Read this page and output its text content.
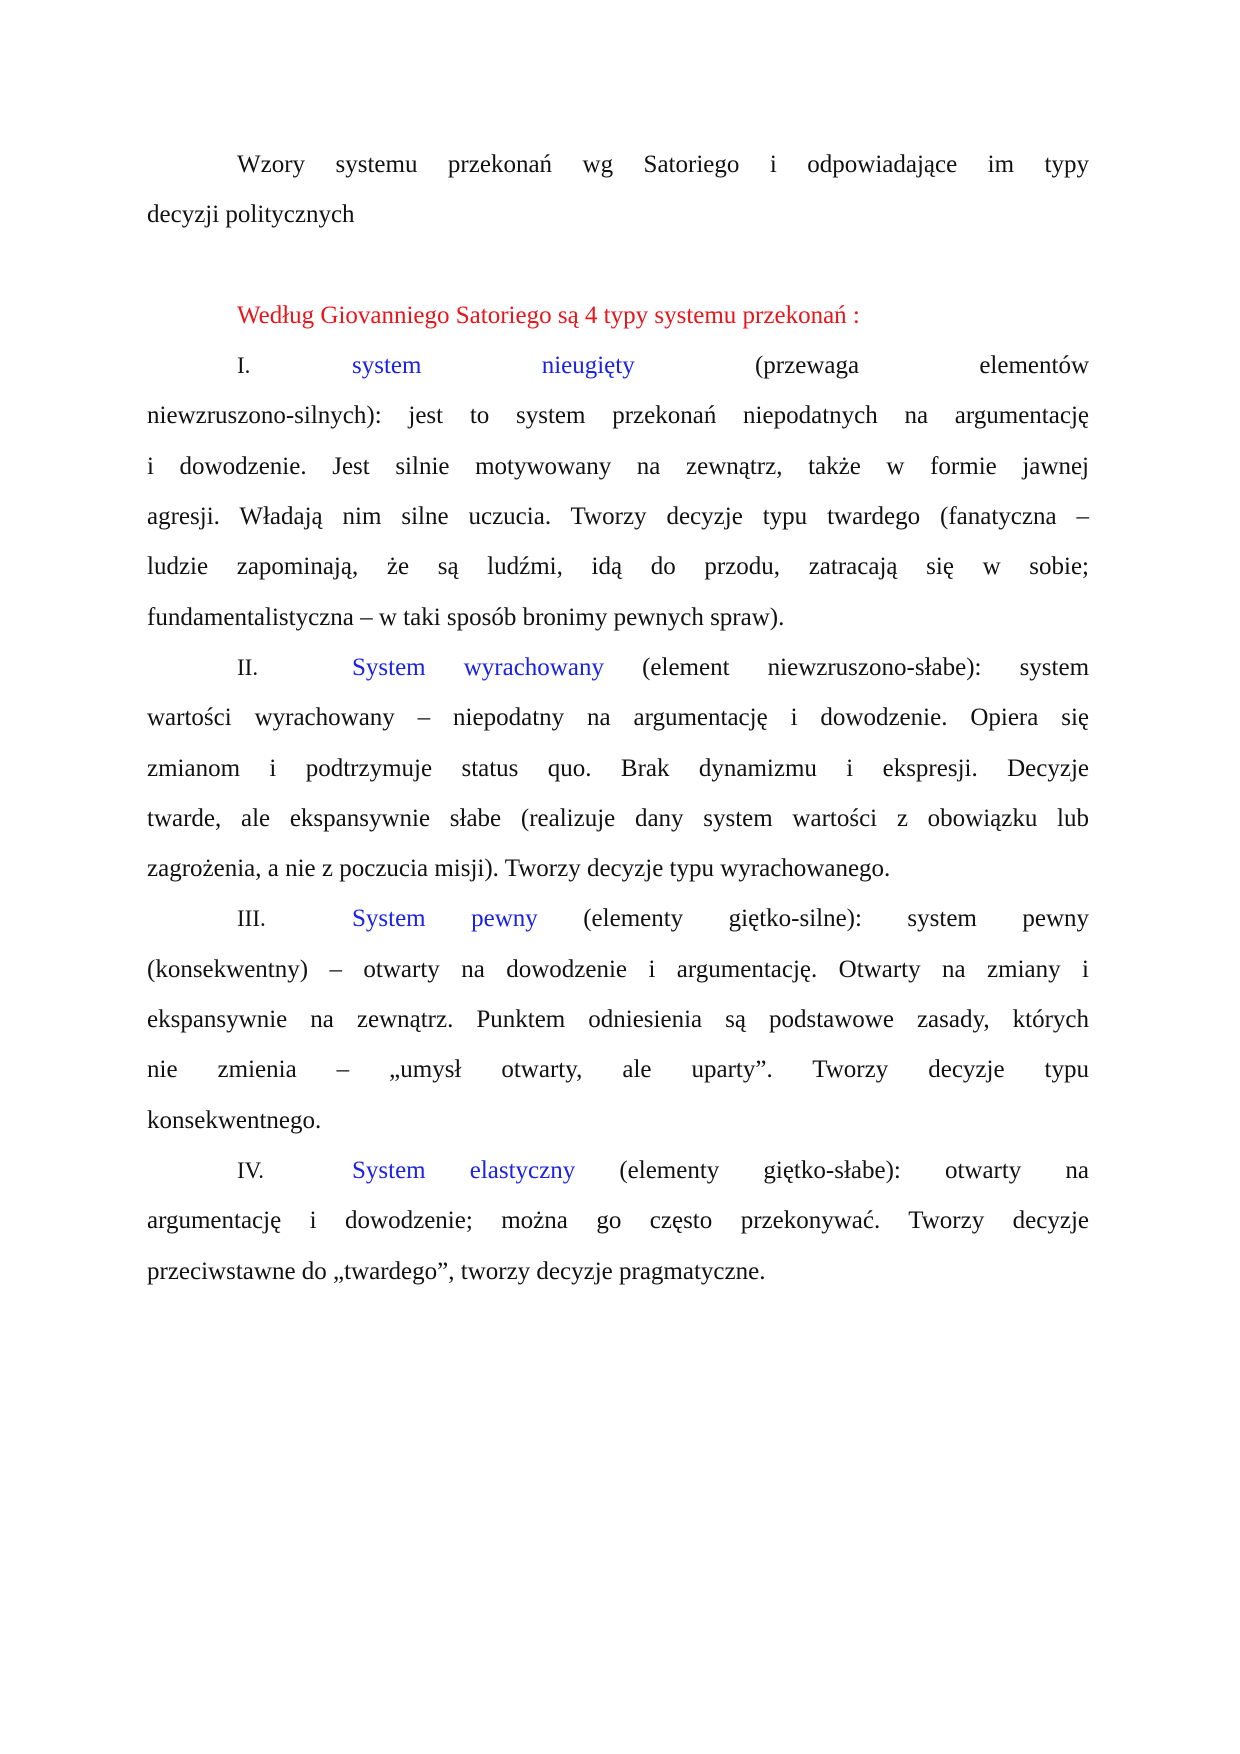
Wzory systemu przekonań wg Satoriego i odpowiadające im typy
decyzji politycznych
Według Giovanniego Satoriego są 4 typy systemu przekonań :
I.	system nieugięty	(przewaga elementów
niewzruszono-silnych): jest to system przekonań niepodatnych na argumentację
i dowodzenie. Jest silnie motywowany na zewnątrz, także w formie jawnej
agresji. Władają nim silne uczucia. Tworzy decyzje typu twardego (fanatyczna –
ludzie zapominają, że są ludźmi, idą do przodu, zatracają się w sobie;
fundamentalistyczna – w taki sposób bronimy pewnych spraw).
II.	System wyrachowany (element niewzruszono-słabe): system
wartości wyrachowany – niepodatny na argumentację i dowodzenie. Opiera się
zmianom i podtrzymuje status quo. Brak dynamizmu i ekspresji. Decyzje
twarde, ale ekspansywnie słabe (realizuje dany system wartości z obowiązku lub
zagrożenia, a nie z poczucia misji). Tworzy decyzje typu wyrachowanego.
III.	System pewny (elementy giętko-silne): system pewny
(konsekwentny) – otwarty na dowodzenie i argumentację. Otwarty na zmiany i
ekspansywnie na zewnątrz. Punktem odniesienia są podstawowe zasady, których
nie zmienia – „umysł otwarty, ale uparty”. Tworzy decyzje typu
konsekwentnego.
IV.	System elastyczny (elementy giętko-słabe): otwarty na
argumentację i dowodzenie; można go często przekonywać. Tworzy decyzje
przeciwstawne do „twardego”, tworzy decyzje pragmatyczne.
